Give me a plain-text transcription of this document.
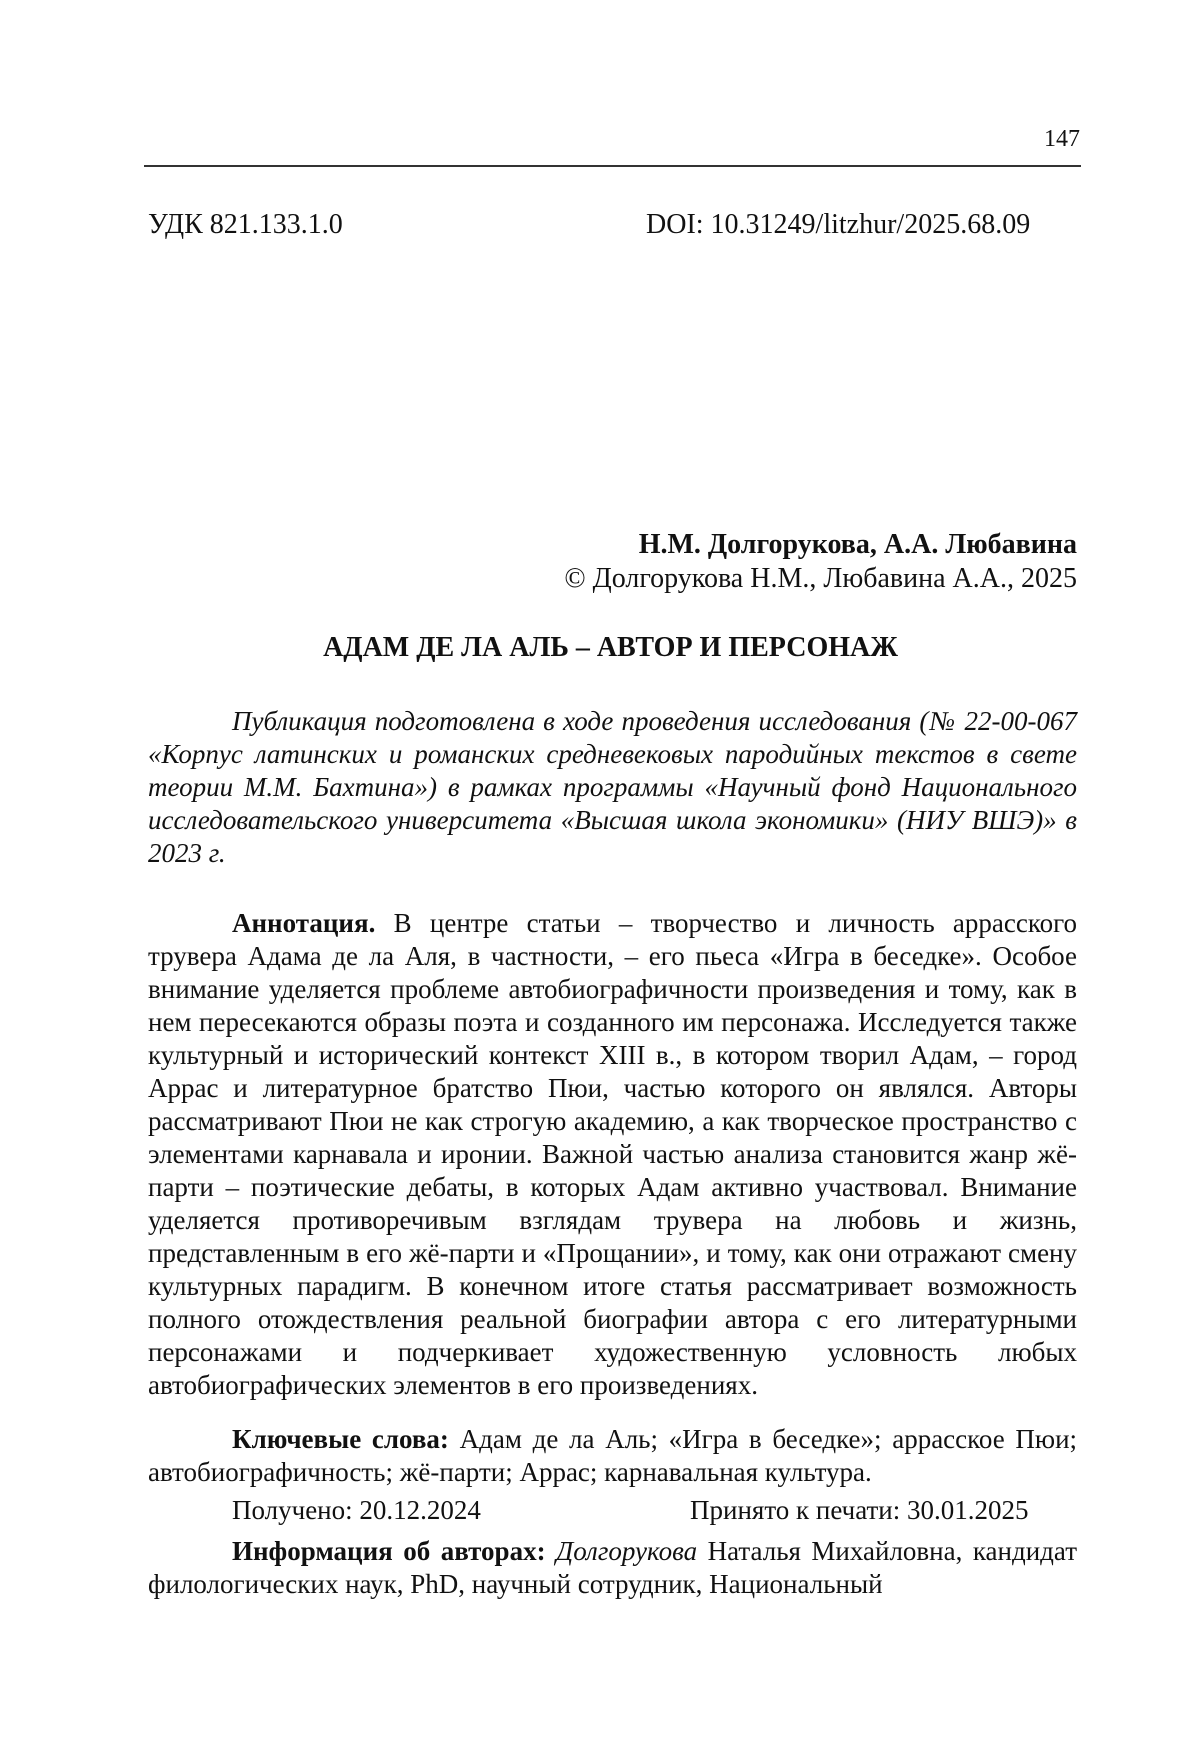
147
УДК 821.133.1.0	DOI: 10.31249/litzhur/2025.68.09
Н.М. Долгорукова, А.А. Любавина
© Долгорукова Н.М., Любавина А.А., 2025
АДАМ ДЕ ЛА АЛЬ – АВТОР И ПЕРСОНАЖ

Публикация подготовлена в ходе проведения исследования (№ 22-00-067 «Корпус латинских и романских средневековых пародийных текстов в свете теории М.М. Бахтина») в рамках программы «Научный фонд Национального исследовательского университета «Высшая школа экономики» (НИУ ВШЭ)» в 2023 г.

Аннотация. В центре статьи – творчество и личность аррасского трувера Адама де ла Аля, в частности, – его пьеса «Игра в беседке». Особое внимание уделяется проблеме автобиографичности произведения и тому, как в нем пересекаются образы поэта и созданного им персонажа. Исследуется также культурный и исторический контекст XIII в., в котором творил Адам, – город Аррас и литературное братство Пюи, частью которого он являлся. Авторы рассматривают Пюи не как строгую академию, а как творческое пространство с элементами карнавала и иронии. Важной частью анализа становится жанр жё-парти – поэтические дебаты, в которых Адам активно участвовал. Внимание уделяется противоречивым взглядам трувера на любовь и жизнь, представленным в его жё-парти и «Прощании», и тому, как они отражают смену культурных парадигм. В конечном итоге статья рассматривает возможность полного отождествления реальной биографии автора с его литературными персонажами и подчеркивает художественную условность любых автобиографических элементов в его произведениях.

Ключевые слова: Адам де ла Аль; «Игра в беседке»; аррасское Пюи; автобиографичность; жё-парти; Аррас; карнавальная культура.

Получено: 20.12.2024	Принято к печати: 30.01.2025

Информация об авторах: Долгорукова Наталья Михайловна, кандидат филологических наук, PhD, научный сотрудник, Национальный
